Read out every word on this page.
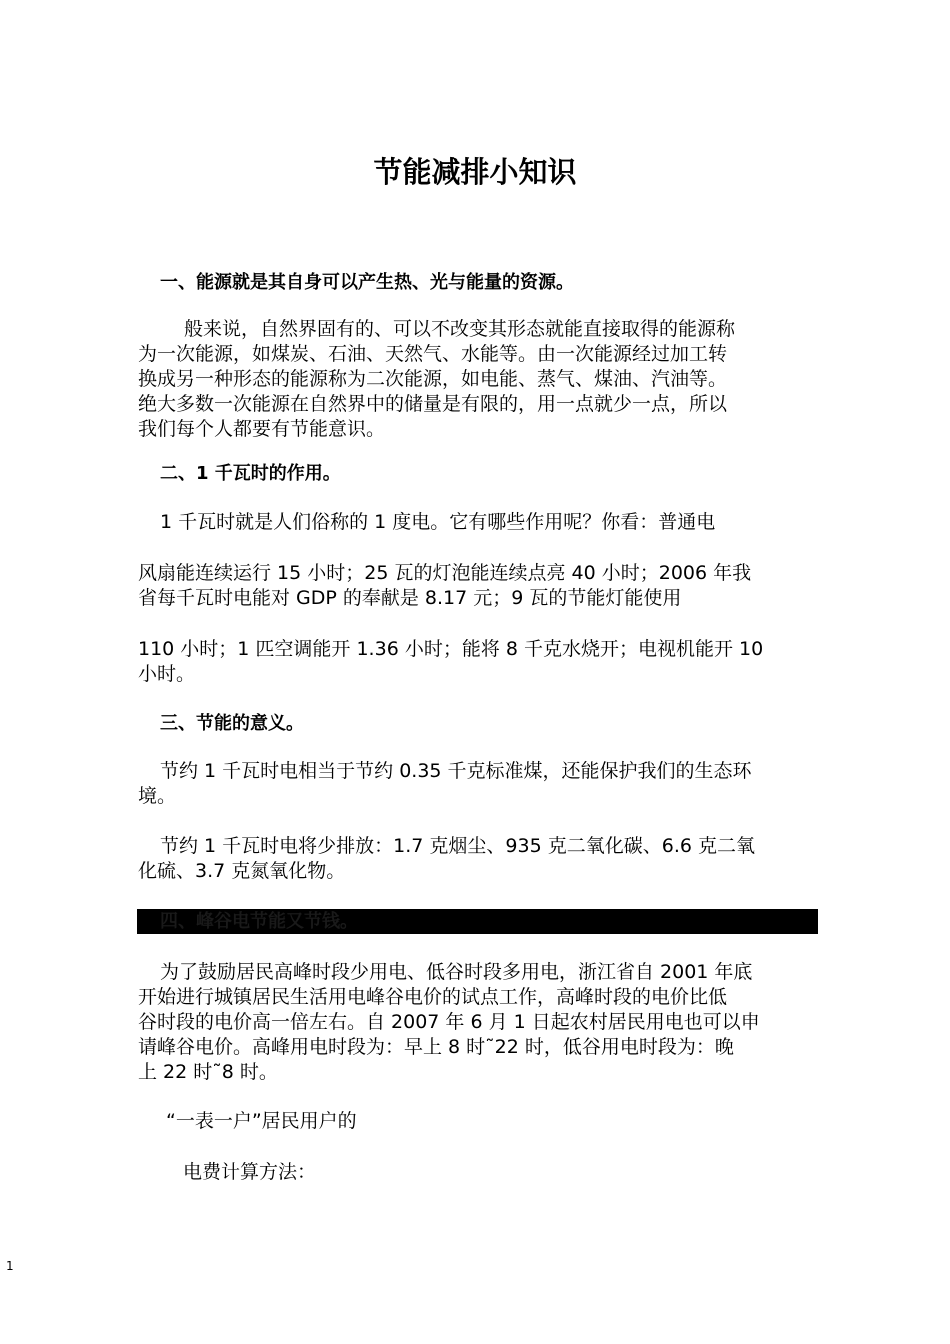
节能减排小知识

一、能源就是其自身可以产生热、光与能量的资源。

般来说，自然界固有的、可以不改变其形态就能直接取得的能源称
为一次能源，如煤炭、石油、天然气、水能等。由一次能源经过加工转
换成另一种形态的能源称为二次能源，如电能、蒸气、煤油、汽油等。
绝大多数一次能源在自然界中的储量是有限的，用一点就少一点，所以
我们每个人都要有节能意识。

二、1 千瓦时的作用。

1 千瓦时就是人们俗称的 1 度电。它有哪些作用呢？你看：普通电

风扇能连续运行 15 小时；25 瓦的灯泡能连续点亮 40 小时；2006 年我
省每千瓦时电能对 GDP 的奉献是 8.17 元；9 瓦的节能灯能使用
110 小时；1 匹空调能开 1.36 小时；能将 8 千克水烧开；电视机能开 10
小时。

三、节能的意义。

节约 1 千瓦时电相当于节约 0.35 千克标准煤，还能保护我们的生态环
境。
节约 1 千瓦时电将少排放：1.7 克烟尘、935 克二氧化碳、6.6 克二氧
化硫、3.7 克氮氧化物。
四、峰谷电节能又节钱。
为了鼓励居民高峰时段少用电、低谷时段多用电，浙江省自 2001 年底
开始进行城镇居民生活用电峰谷电价的试点工作，高峰时段的电价比低
谷时段的电价高一倍左右。自 2007 年 6 月 1 日起农村居民用电也可以申
请峰谷电价。高峰用电时段为：早上 8 时˜22 时，低谷用电时段为：晚
上 22 时˜8 时。

“一表一户”居民用户的

电费计算方法：

1
